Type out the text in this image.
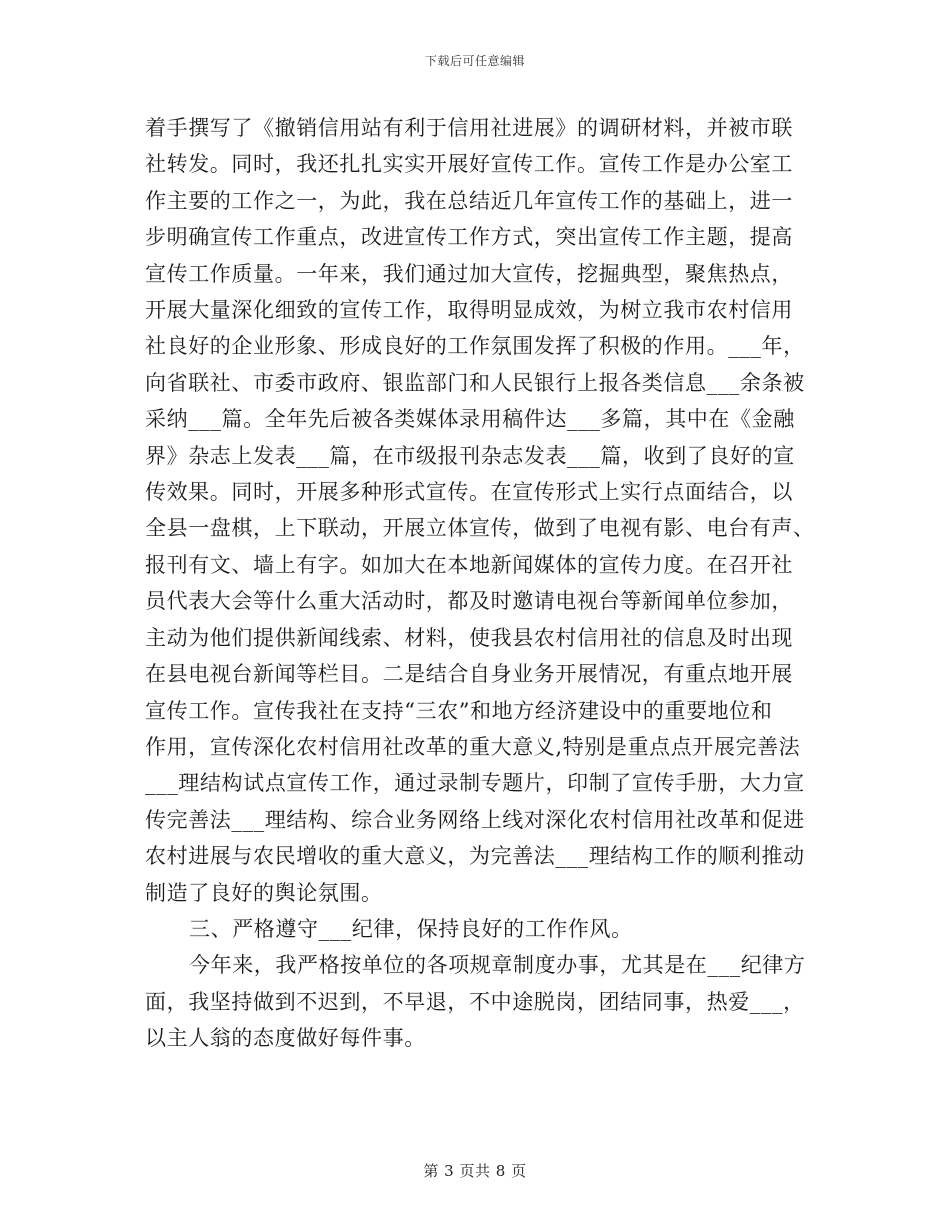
下载后可任意编辑

着手撰写了《撤销信用站有利于信用社进展》的调研材料，并被市联
社转发。同时，我还扎扎实实开展好宣传工作。宣传工作是办公室工
作主要的工作之一，为此，我在总结近几年宣传工作的基础上，进一
步明确宣传工作重点，改进宣传工作方式，突出宣传工作主题，提高
宣传工作质量。一年来，我们通过加大宣传，挖掘典型，聚焦热点，
开展大量深化细致的宣传工作，取得明显成效，为树立我市农村信用
社良好的企业形象、形成良好的工作氛围发挥了积极的作用。___年，
向省联社、市委市政府、银监部门和人民银行上报各类信息___余条被
采纳___篇。全年先后被各类媒体录用稿件达___多篇，其中在《金融
界》杂志上发表___篇，在市级报刊杂志发表___篇，收到了良好的宣
传效果。同时，开展多种形式宣传。在宣传形式上实行点面结合，以
全县一盘棋，上下联动，开展立体宣传，做到了电视有影、电台有声、
报刊有文、墙上有字。如加大在本地新闻媒体的宣传力度。在召开社
员代表大会等什么重大活动时，都及时邀请电视台等新闻单位参加，
主动为他们提供新闻线索、材料，使我县农村信用社的信息及时出现
在县电视台新闻等栏目。二是结合自身业务开展情况，有重点地开展
宣传工作。宣传我社在支持“三农”和地方经济建设中的重要地位和
作用，宣传深化农村信用社改革的重大意义,特别是重点点开展完善法
___理结构试点宣传工作，通过录制专题片，印制了宣传手册，大力宣
传完善法___理结构、综合业务网络上线对深化农村信用社改革和促进
农村进展与农民增收的重大意义，为完善法___理结构工作的顺利推动
制造了良好的舆论氛围。

三、严格遵守___纪律，保持良好的工作作风。

今年来，我严格按单位的各项规章制度办事，尤其是在___纪律方
面，我坚持做到不迟到，不早退，不中途脱岗，团结同事，热爱___，
以主人翁的态度做好每件事。

第 3 页共 8 页
